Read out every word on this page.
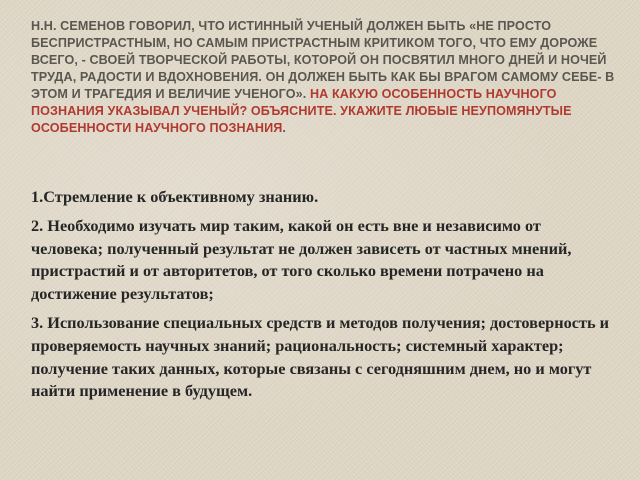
Н.Н. СЕМЕНОВ ГОВОРИЛ, ЧТО ИСТИННЫЙ УЧЕНЫЙ ДОЛЖЕН БЫТЬ «НЕ ПРОСТО БЕСПРИСТРАСТНЫМ, НО САМЫМ ПРИСТРАСТНЫМ КРИТИКОМ ТОГО, ЧТО ЕМУ ДОРОЖЕ ВСЕГО, - СВОЕЙ ТВОРЧЕСКОЙ РАБОТЫ, КОТОРОЙ ОН ПОСВЯТИЛ МНОГО ДНЕЙ И НОЧЕЙ ТРУДА, РАДОСТИ И ВДОХНОВЕНИЯ. ОН ДОЛЖЕН БЫТЬ КАК БЫ ВРАГОМ САМОМУ СЕБЕ- В ЭТОМ И ТРАГЕДИЯ И ВЕЛИЧИЕ УЧЕНОГО». НА КАКУЮ ОСОБЕННОСТЬ НАУЧНОГО ПОЗНАНИЯ УКАЗЫВАЛ УЧЕНЫЙ? ОБЪЯСНИТЕ. УКАЖИТЕ ЛЮБЫЕ НЕУПОМЯНУТЫЕ ОСОБЕННОСТИ НАУЧНОГО ПОЗНАНИЯ.
1.Стремление к объективному знанию.
2. Необходимо изучать мир таким, какой он есть вне и независимо от человека; полученный результат не должен зависеть от частных мнений, пристрастий и от авторитетов, от того сколько времени потрачено на достижение результатов;
3. Использование специальных средств и методов получения; достоверность и проверяемость научных знаний; рациональность; системный характер; получение таких данных, которые связаны с сегодняшним днем, но и могут найти применение в будущем.
